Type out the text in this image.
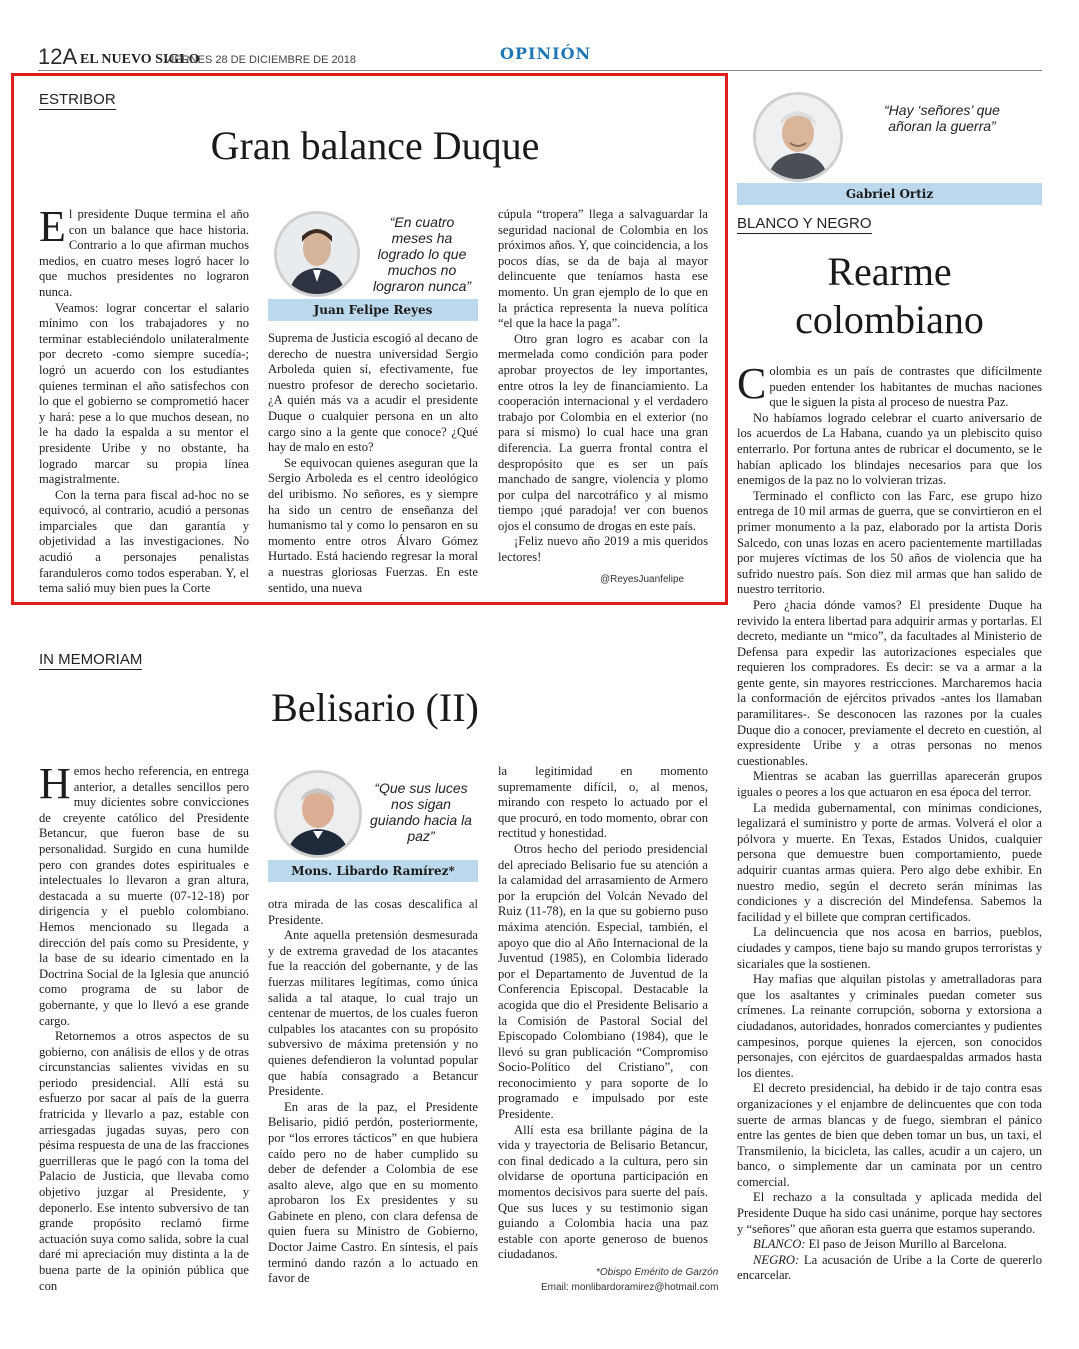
12A EL NUEVO SIGLO
VIERNES 28 DE DICIEMBRE DE 2018	OPINIÓN
ESTRIBOR
Gran balance Duque

El presidente Duque termina el año con un balance que hace historia. Contrario a lo que afirman muchos medios, en cuatro meses logró hacer lo que muchos presidentes no lograron nunca.

Veamos: lograr concertar el salario mínimo con los trabajadores y no terminar estableciéndolo unilateralmente por decreto -como siempre sucedía-; logró un acuerdo con los estudiantes quienes terminan el año satisfechos con lo que el gobierno se comprometió hacer y hará: pese a lo que muchos desean, no le ha dado la espalda a su mentor el presidente Uribe y no obstante, ha logrado marcar su propia línea magistralmente.

Con la terna para fiscal ad-hoc no se equivocó, al contrario, acudió a personas imparciales que dan garantía y objetividad a las investigaciones. No acudió a personajes penalistas faranduleros como todos esperaban. Y, el tema salió muy bien pues la Corte

“En cuatro meses ha logrado lo que muchos no lograron nunca”
Juan Felipe Reyes

Suprema de Justicia escogió al decano de derecho de nuestra universidad Sergio Arboleda quien sí, efectivamente, fue nuestro profesor de derecho societario. ¿A quién más va a acudir el presidente Duque o cualquier persona en un alto cargo sino a la gente que conoce? ¿Qué hay de malo en esto?

Se equivocan quienes aseguran que la Sergio Arboleda es el centro ideológico del uribismo. No señores, es y siempre ha sido un centro de enseñanza del humanismo tal y como lo pensaron en su momento entre otros Álvaro Gómez Hurtado. Está haciendo regresar la moral a nuestras gloriosas Fuerzas. En este sentido, una nueva

cúpula “tropera” llega a salvaguardar la seguridad nacional de Colombia en los próximos años. Y, que coincidencia, a los pocos días, se da de baja al mayor delincuente que teníamos hasta ese momento. Un gran ejemplo de lo que en la práctica representa la nueva política “el que la hace la paga”.

Otro gran logro es acabar con la mermelada como condición para poder aprobar proyectos de ley importantes, entre otros la ley de financiamiento. La cooperación internacional y el verdadero trabajo por Colombia en el exterior (no para sí mismo) lo cual hace una gran diferencia. La guerra frontal contra el despropósito que es ser un país manchado de sangre, violencia y plomo por culpa del narcotráfico y al mismo tiempo ¡qué paradoja! ver con buenos ojos el consumo de drogas en este país.

¡Feliz nuevo año 2019 a mis queridos lectores!

@ReyesJuanfelipe
“Hay ‘señores’ que añoran la guerra”
Gabriel Ortiz
BLANCO Y NEGRO
Rearme
colombiano

Colombia es un país de contrastes que difícilmente pueden entender los habitantes de muchas naciones que le siguen la pista al proceso de nuestra Paz.

No habíamos logrado celebrar el cuarto aniversario de los acuerdos de La Habana, cuando ya un plebiscito quiso enterrarlo. Por fortuna antes de rubricar el documento, se le habían aplicado los blindajes necesarios para que los enemigos de la paz no lo volvieran trizas.

Terminado el conflicto con las Farc, ese grupo hizo entrega de 10 mil armas de guerra, que se convirtieron en el primer monumento a la paz, elaborado por la artista Doris Salcedo, con unas lozas en acero pacientemente martilladas por mujeres víctimas de los 50 años de violencia que ha sufrido nuestro país. Son diez mil armas que han salido de nuestro territorio.

Pero ¿hacia dónde vamos? El presidente Duque ha revivido la entera libertad para adquirir armas y portarlas. El decreto, mediante un “mico”, da facultades al Ministerio de Defensa para expedir las autorizaciones especiales que requieren los compradores. Es decir: se va a armar a la gente gente, sin mayores restricciones. Marcharemos hacia la conformación de ejércitos privados -antes los llamaban paramilitares-. Se desconocen las razones por la cuales Duque dio a conocer, previamente el decreto en cuestión, al expresidente Uribe y a otras personas no menos cuestionables.

Mientras se acaban las guerrillas aparecerán grupos iguales o peores a los que actuaron en esa época del terror.

La medida gubernamental, con mínimas condiciones, legalizará el suministro y porte de armas. Volverá el olor a pólvora y muerte. En Texas, Estados Unidos, cualquier persona que demuestre buen comportamiento, puede adquirir cuantas armas quiera. Pero algo debe exhibir. En nuestro medio, según el decreto serán mínimas las condiciones y a discreción del Mindefensa. Sabemos la facilidad y el billete que compran certificados.

La delincuencia que nos acosa en barrios, pueblos, ciudades y campos, tiene bajo su mando grupos terroristas y sicariales que la sostienen.

Hay mafias que alquilan pistolas y ametralladoras para que los asaltantes y criminales puedan cometer sus crímenes. La reinante corrupción, soborna y extorsiona a ciudadanos, autoridades, honrados comerciantes y pudientes campesinos, porque quienes la ejercen, son conocidos personajes, con ejércitos de guardaespaldas armados hasta los dientes.

El decreto presidencial, ha debido ir de tajo contra esas organizaciones y el enjambre de delincuentes que con toda suerte de armas blancas y de fuego, siembran el pánico entre las gentes de bien que deben tomar un bus, un taxi, el Transmilenio, la bicicleta, las calles, acudir a un cajero, un banco, o simplemente dar un caminata por un centro comercial.

El rechazo a la consultada y aplicada medida del Presidente Duque ha sido casi unánime, porque hay sectores y “señores” que añoran esta guerra que estamos superando.

BLANCO: El paso de Jeison Murillo al Barcelona.

NEGRO: La acusación de Uribe a la Corte de quererlo encarcelar.

IN MEMORIAM
Belisario (II)

Hemos hecho referencia, en entrega anterior, a detalles sencillos pero muy dicientes sobre convicciones de creyente católico del Presidente Betancur, que fueron base de su personalidad. Surgido en cuna humilde pero con grandes dotes espirituales e intelectuales lo llevaron a gran altura, destacada a su muerte (07-12-18) por dirigencia y el pueblo colombiano. Hemos mencionado su llegada a dirección del país como su Presidente, y la base de su ideario cimentado en la Doctrina Social de la Iglesia que anunció como programa de su labor de gobernante, y que lo llevó a ese grande cargo.

Retornemos a otros aspectos de su gobierno, con análisis de ellos y de otras circunstancias salientes vividas en su periodo presidencial. Allí está su esfuerzo por sacar al país de la guerra fratricida y llevarlo a paz, estable con arriesgadas jugadas suyas, pero con pésima respuesta de una de las fracciones guerrilleras que le pagó con la toma del Palacio de Justicia, que llevaba como objetivo juzgar al Presidente, y deponerlo. Ese intento subversivo de tan grande propósito reclamó firme actuación suya como salida, sobre la cual daré mi apreciación muy distinta a la de buena parte de la opinión pública que con

“Que sus luces nos sigan guiando hacia la paz”
Mons. Libardo Ramírez*

otra mirada de las cosas descalifica al Presidente.

Ante aquella pretensión desmesurada y de extrema gravedad de los atacantes fue la reacción del gobernante, y de las fuerzas militares legítimas, como única salida a tal ataque, lo cual trajo un centenar de muertos, de los cuales fueron culpables los atacantes con su propósito subversivo de máxima pretensión y no quienes defendieron la voluntad popular que había consagrado a Betancur Presidente.

En aras de la paz, el Presidente Belisario, pidió perdón, posteriormente, por “los errores tácticos” en que hubiera caído pero no de haber cumplido su deber de defender a Colombia de ese asalto aleve, algo que en su momento aprobaron los Ex presidentes y su Gabinete en pleno, con clara defensa de quien fuera su Ministro de Gobierno, Doctor Jaime Castro. En síntesis, el país terminó dando razón a lo actuado en favor de

la legitimidad en momento supremamente difícil, o, al menos, mirando con respeto lo actuado por el que procuró, en todo momento, obrar con rectitud y honestidad.

Otros hecho del periodo presidencial del apreciado Belisario fue su atención a la calamidad del arrasamiento de Armero por la erupción del Volcán Nevado del Ruiz (11-78), en la que su gobierno puso máxima atención. Especial, también, el apoyo que dio al Año Internacional de la Juventud (1985), en Colombia liderado por el Departamento de Juventud de la Conferencia Episcopal. Destacable la acogida que dio el Presidente Belisario a la Comisión de Pastoral Social del Episcopado Colombiano (1984), que le llevó su gran publicación “Compromiso Socio-Político del Cristiano”, con reconocimiento y para soporte de lo programado e impulsado por este Presidente.

Allí esta esa brillante página de la vida y trayectoria de Belisario Betancur, con final dedicado a la cultura, pero sin olvidarse de oportuna participación en momentos decisivos para suerte del país. Que sus luces y su testimonio sigan guiando a Colombia hacia una paz estable con aporte generoso de buenos ciudadanos.

*Obispo Emérito de Garzón
Email: monlibardoramirez@hotmail.com
